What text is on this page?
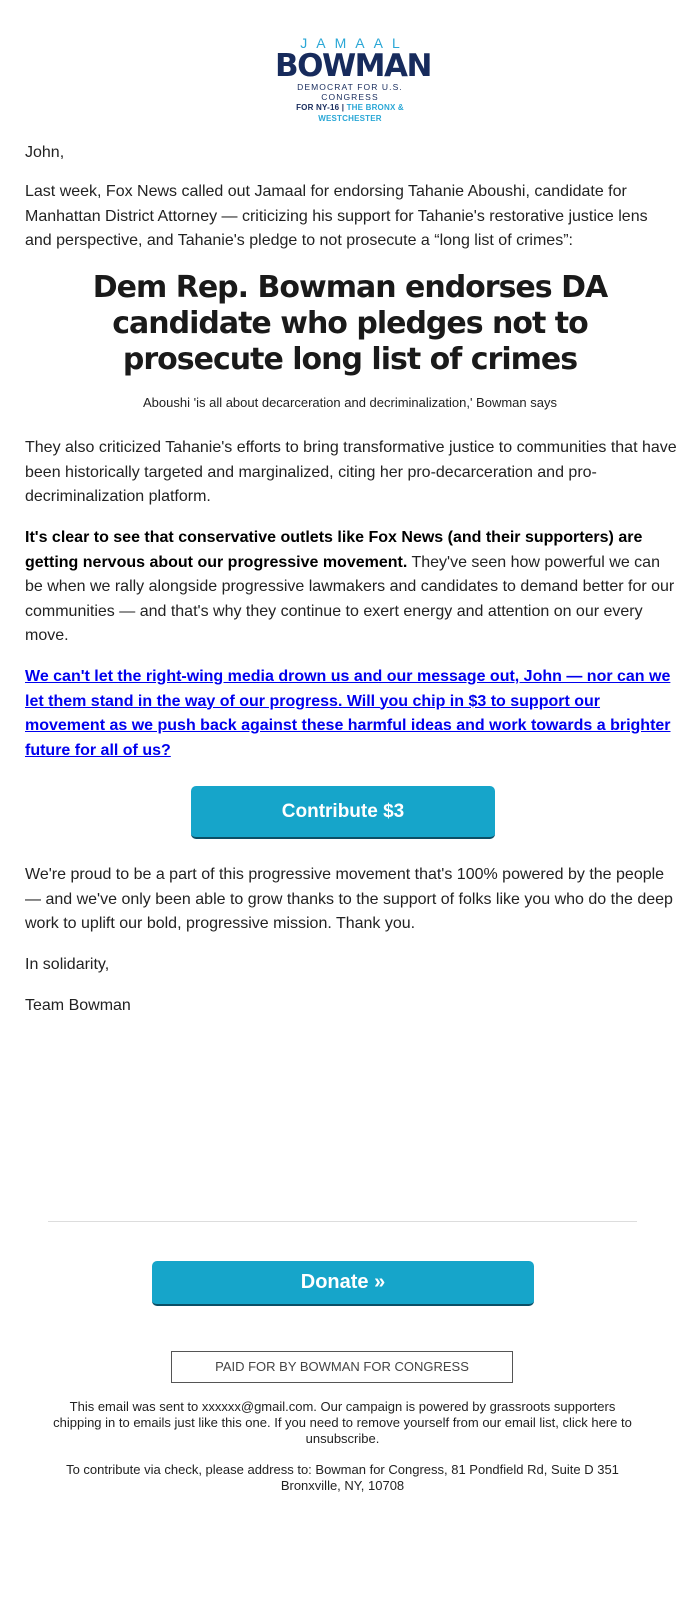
JAMAAL
BOWMAN
DEMOCRAT FOR U.S. CONGRESS
FOR NY-16 | THE BRONX & WESTCHESTER

John,

Last week, Fox News called out Jamaal for endorsing Tahanie Aboushi, candidate for Manhattan District Attorney — criticizing his support for Tahanie's restorative justice lens and perspective, and Tahanie's pledge to not prosecute a “long list of crimes”:

Dem Rep. Bowman endorses DA candidate who pledges not to prosecute long list of crimes
Aboushi 'is all about decarceration and decriminalization,' Bowman says

They also criticized Tahanie's efforts to bring transformative justice to communities that have been historically targeted and marginalized, citing her pro-decarceration and pro-decriminalization platform.

It's clear to see that conservative outlets like Fox News (and their supporters) are getting nervous about our progressive movement. They've seen how powerful we can be when we rally alongside progressive lawmakers and candidates to demand better for our communities — and that's why they continue to exert energy and attention on our every move.

We can't let the right-wing media drown us and our message out, John — nor can we let them stand in the way of our progress. Will you chip in $3 to support our movement as we push back against these harmful ideas and work towards a brighter future for all of us?

Contribute $3

We're proud to be a part of this progressive movement that's 100% powered by the people — and we've only been able to grow thanks to the support of folks like you who do the deep work to uplift our bold, progressive mission. Thank you.

In solidarity,

Team Bowman

Donate »
PAID FOR BY BOWMAN FOR CONGRESS

This email was sent to xxxxxx@gmail.com. Our campaign is powered by grassroots supporters chipping in to emails just like this one. If you need to remove yourself from our email list, click here to unsubscribe.

To contribute via check, please address to: Bowman for Congress, 81 Pondfield Rd, Suite D 351 Bronxville, NY, 10708
